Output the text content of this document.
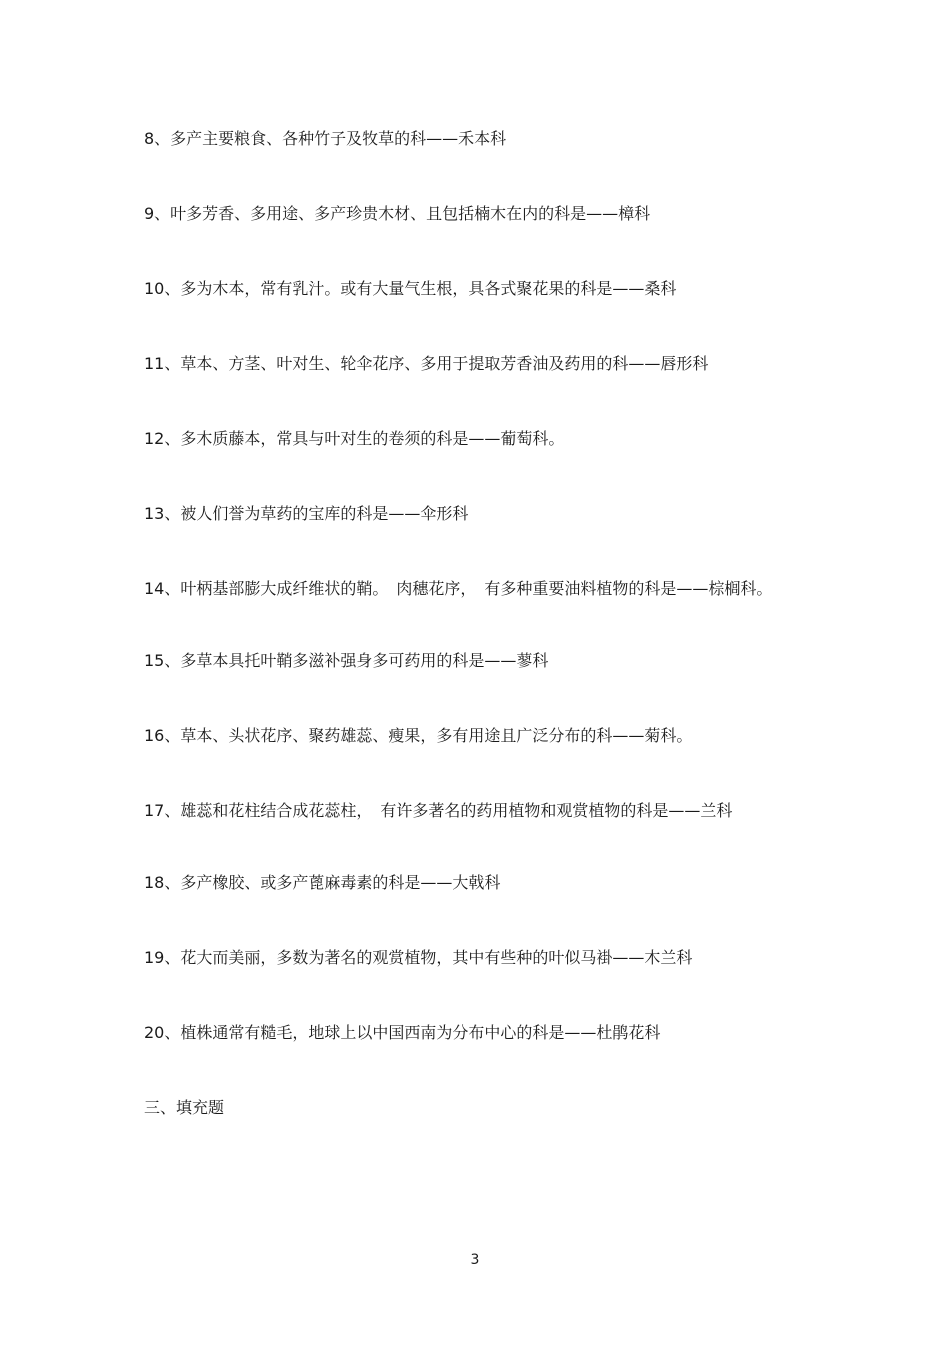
8、多产主要粮食、各种竹子及牧草的科——禾本科

9、叶多芳香、多用途、多产珍贵木材、且包括楠木在内的科是——樟科

10、多为木本，常有乳汁。或有大量气生根，具各式聚花果的科是——桑科

11、草本、方茎、叶对生、轮伞花序、多用于提取芳香油及药用的科——唇形科

12、多木质藤本，常具与叶对生的卷须的科是——葡萄科。

13、被人们誉为草药的宝库的科是——伞形科

14、叶柄基部膨大成纤维状的鞘。　肉穗花序，　有多种重要油料植物的科是——棕榈科。

15、多草本具托叶鞘多滋补强身多可药用的科是——蓼科

16、草本、头状花序、聚药雄蕊、瘦果，多有用途且广泛分布的科——菊科。

17、雄蕊和花柱结合成花蕊柱，　有许多著名的药用植物和观赏植物的科是——兰科

18、多产橡胶、或多产蓖麻毒素的科是——大戟科

19、花大而美丽，多数为著名的观赏植物，其中有些种的叶似马褂——木兰科

20、植株通常有糙毛，地球上以中国西南为分布中心的科是——杜鹃花科

三、填充题

3
